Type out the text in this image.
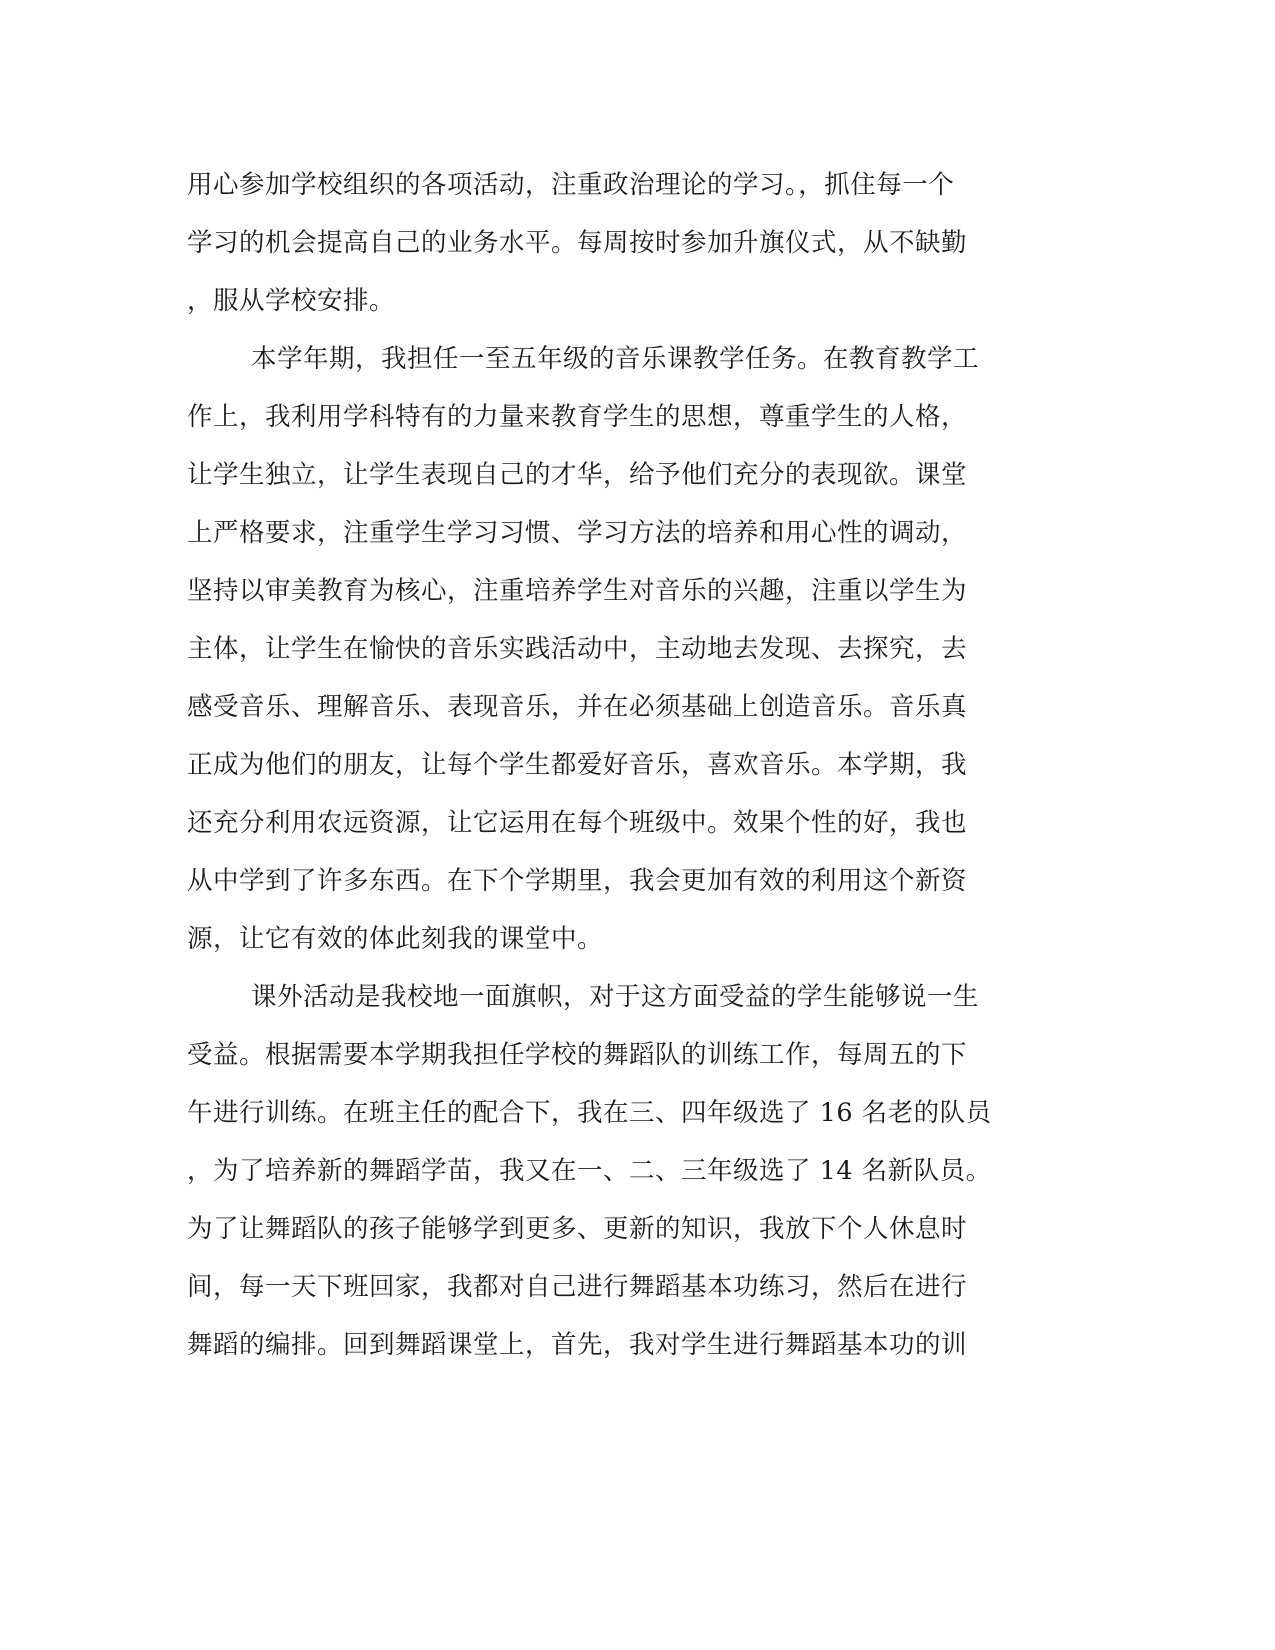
用心参加学校组织的各项活动，注重政治理论的学习。，抓住每一个
学习的机会提高自己的业务水平。每周按时参加升旗仪式，从不缺勤
，服从学校安排。
本学年期，我担任一至五年级的音乐课教学任务。在教育教学工
作上，我利用学科特有的力量来教育学生的思想，尊重学生的人格，
让学生独立，让学生表现自己的才华，给予他们充分的表现欲。课堂
上严格要求，注重学生学习习惯、学习方法的培养和用心性的调动，
坚持以审美教育为核心，注重培养学生对音乐的兴趣，注重以学生为
主体，让学生在愉快的音乐实践活动中，主动地去发现、去探究，去
感受音乐、理解音乐、表现音乐，并在必须基础上创造音乐。音乐真
正成为他们的朋友，让每个学生都爱好音乐，喜欢音乐。本学期，我
还充分利用农远资源，让它运用在每个班级中。效果个性的好，我也
从中学到了许多东西。在下个学期里，我会更加有效的利用这个新资
源，让它有效的体此刻我的课堂中。
课外活动是我校地一面旗帜，对于这方面受益的学生能够说一生
受益。根据需要本学期我担任学校的舞蹈队的训练工作，每周五的下
午进行训练。在班主任的配合下，我在三、四年级选了 16 名老的队员
，为了培养新的舞蹈学苗，我又在一、二、三年级选了 14 名新队员。
为了让舞蹈队的孩子能够学到更多、更新的知识，我放下个人休息时
间，每一天下班回家，我都对自己进行舞蹈基本功练习，然后在进行
舞蹈的编排。回到舞蹈课堂上，首先，我对学生进行舞蹈基本功的训
